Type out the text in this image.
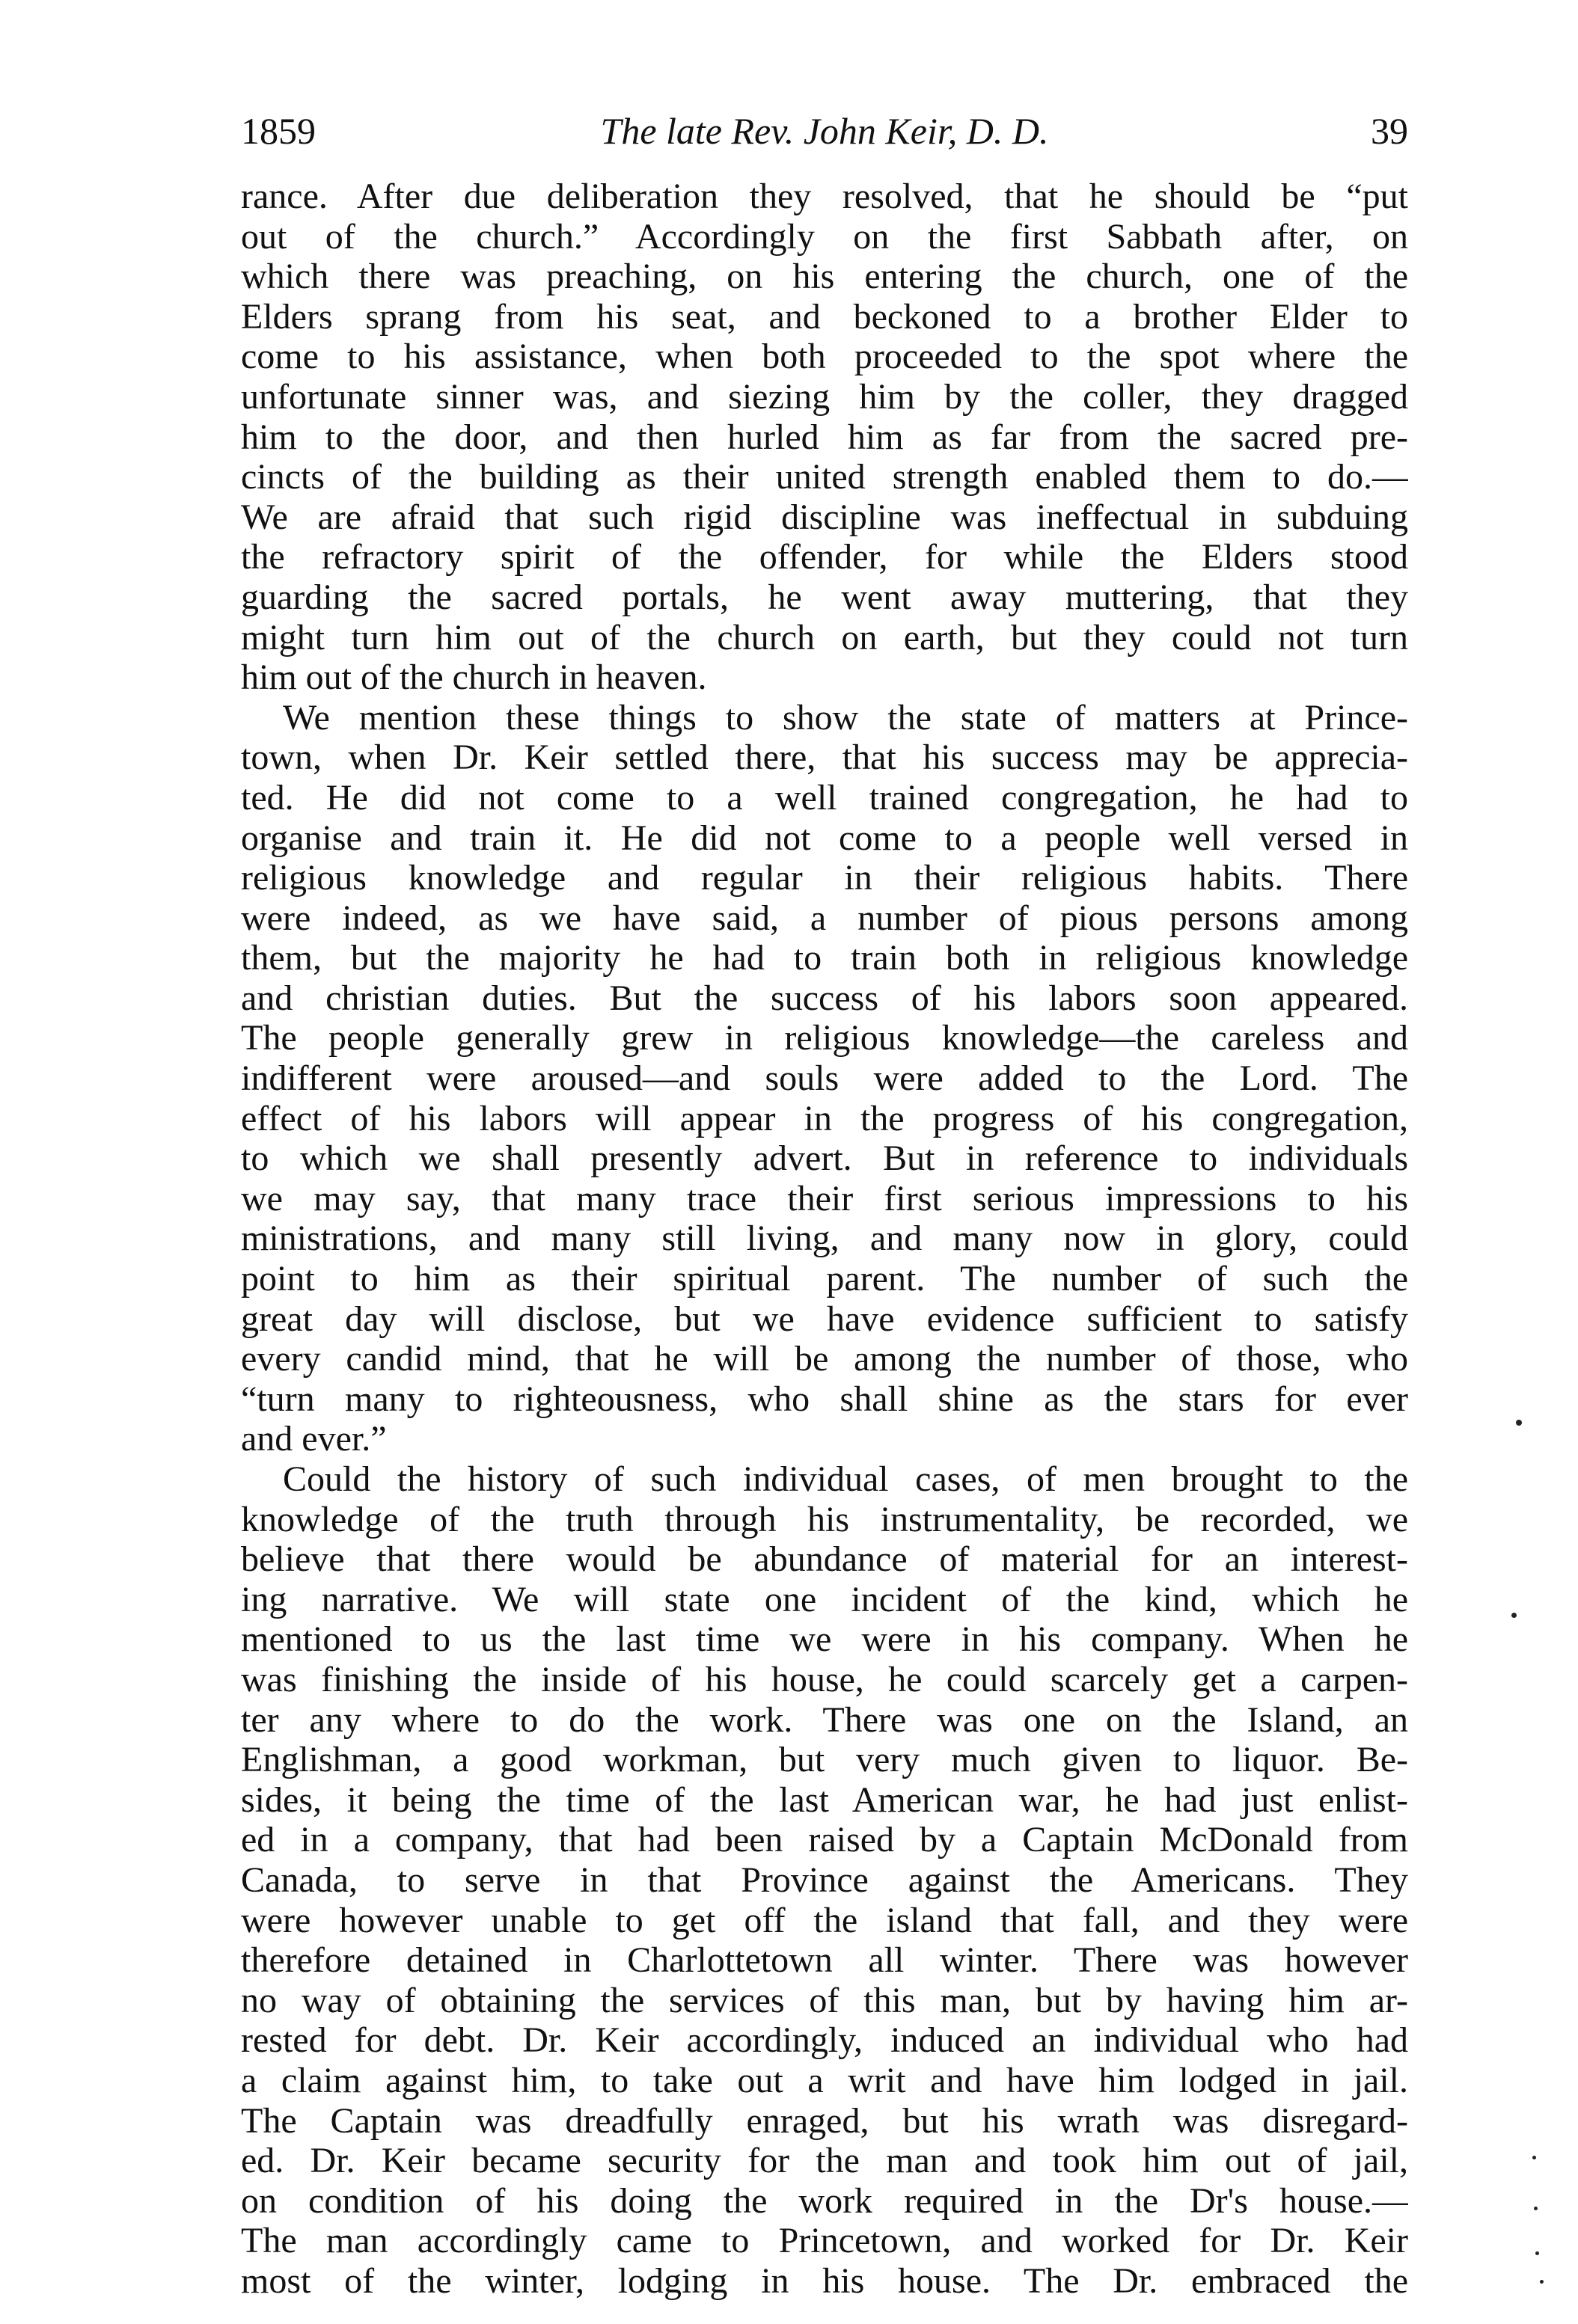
1859	The late Rev. John Keir, D. D.	39
rance. After due deliberation they resolved, that he should be “put
out of the church.” Accordingly on the first Sabbath after, on
which there was preaching, on his entering the church, one of the
Elders sprang from his seat, and beckoned to a brother Elder to
come to his assistance, when both proceeded to the spot where the
unfortunate sinner was, and siezing him by the coller, they dragged
him to the door, and then hurled him as far from the sacred pre-
cincts of the building as their united strength enabled them to do.—
We are afraid that such rigid discipline was ineffectual in subduing
the refractory spirit of the offender, for while the Elders stood
guarding the sacred portals, he went away muttering, that they
might turn him out of the church on earth, but they could not turn
him out of the church in heaven.
We mention these things to show the state of matters at Prince-
town, when Dr. Keir settled there, that his success may be apprecia-
ted. He did not come to a well trained congregation, he had to
organise and train it. He did not come to a people well versed in
religious knowledge and regular in their religious habits. There
were indeed, as we have said, a number of pious persons among
them, but the majority he had to train both in religious knowledge
and christian duties. But the success of his labors soon appeared.
The people generally grew in religious knowledge—the careless and
indifferent were aroused—and souls were added to the Lord. The
effect of his labors will appear in the progress of his congregation,
to which we shall presently advert. But in reference to individuals
we may say, that many trace their first serious impressions to his
ministrations, and many still living, and many now in glory, could
point to him as their spiritual parent. The number of such the
great day will disclose, but we have evidence sufficient to satisfy
every candid mind, that he will be among the number of those, who
“turn many to righteousness, who shall shine as the stars for ever
and ever.”
Could the history of such individual cases, of men brought to the
knowledge of the truth through his instrumentality, be recorded, we
believe that there would be abundance of material for an interest-
ing narrative. We will state one incident of the kind, which he
mentioned to us the last time we were in his company. When he
was finishing the inside of his house, he could scarcely get a carpen-
ter any where to do the work. There was one on the Island, an
Englishman, a good workman, but very much given to liquor. Be-
sides, it being the time of the last American war, he had just enlist-
ed in a company, that had been raised by a Captain McDonald from
Canada, to serve in that Province against the Americans. They
were however unable to get off the island that fall, and they were
therefore detained in Charlottetown all winter. There was however
no way of obtaining the services of this man, but by having him ar-
rested for debt. Dr. Keir accordingly, induced an individual who had
a claim against him, to take out a writ and have him lodged in jail.
The Captain was dreadfully enraged, but his wrath was disregard-
ed. Dr. Keir became security for the man and took him out of jail,
on condition of his doing the work required in the Dr's house.—
The man accordingly came to Princetown, and worked for Dr. Keir
most of the winter, lodging in his house. The Dr. embraced the
